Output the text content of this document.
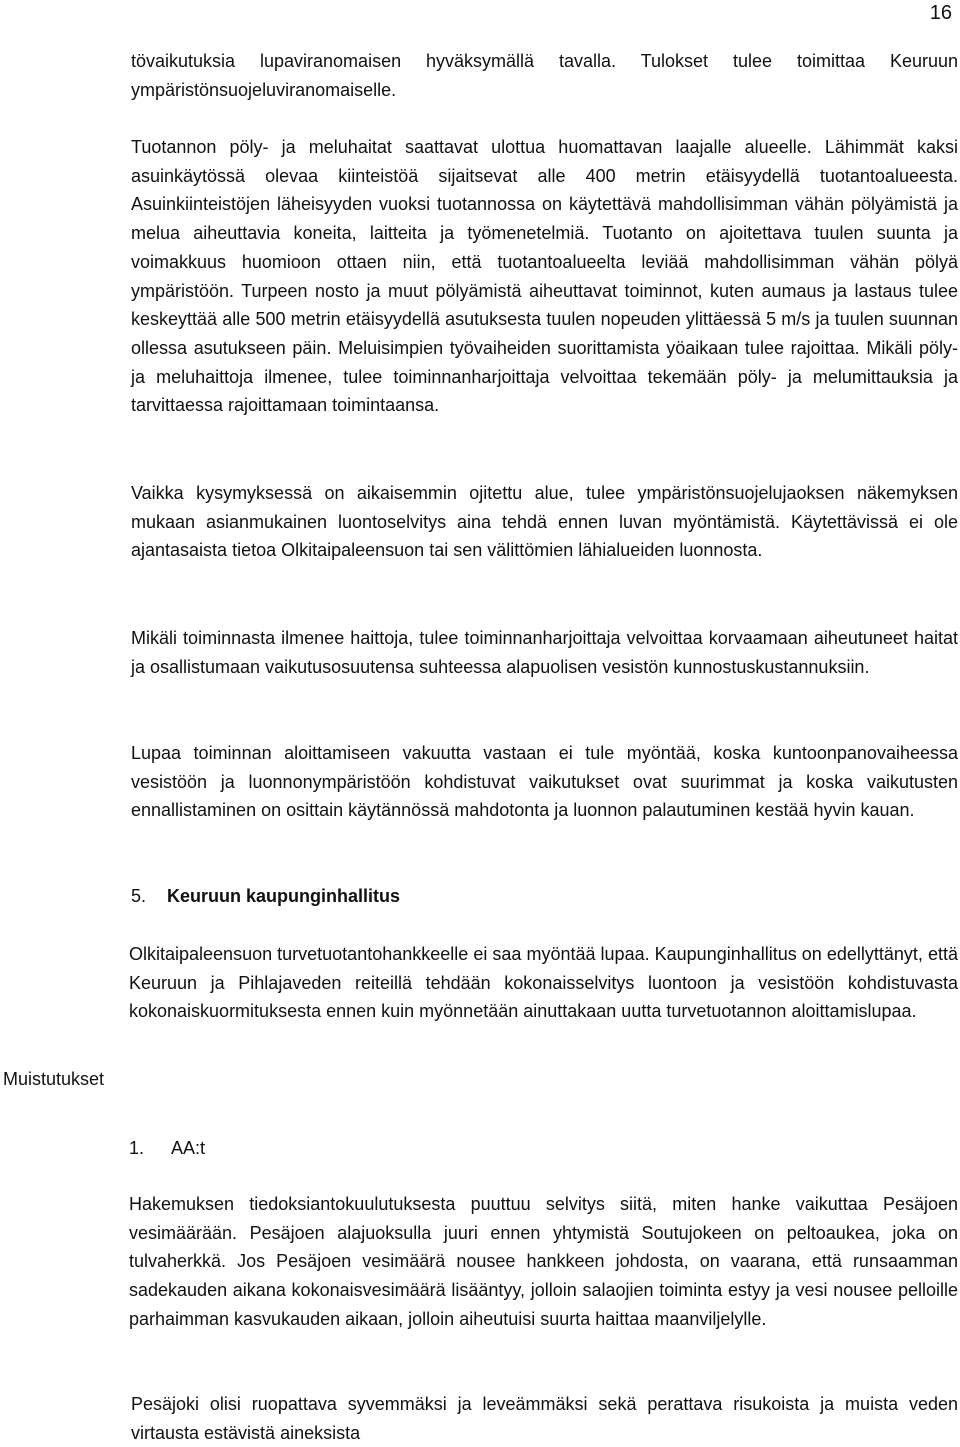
16

tövaikutuksia lupaviranomaisen hyväksymällä tavalla. Tulokset tulee toimittaa Keuruun ympäristönsuojeluviranomaiselle.

Tuotannon pöly- ja meluhaitat saattavat ulottua huomattavan laajalle alueelle. Lähimmät kaksi asuinkäytössä olevaa kiinteistöä sijaitsevat alle 400 metrin etäisyydellä tuotantoalueesta. Asuinkiinteistöjen läheisyyden vuoksi tuotannossa on käytettävä mahdollisimman vähän pölyämistä ja melua aiheuttavia koneita, laitteita ja työmenetelmiä. Tuotanto on ajoitettava tuulen suunta ja voimakkuus huomioon ottaen niin, että tuotantoalueelta leviää mahdollisimman vähän pölyä ympäristöön. Turpeen nosto ja muut pölyämistä aiheuttavat toiminnot, kuten aumaus ja lastaus tulee keskeyttää alle 500 metrin etäisyydellä asutuksesta tuulen nopeuden ylittäessä 5 m/s ja tuulen suunnan ollessa asutukseen päin. Meluisimpien työvaiheiden suorittamista yöaikaan tulee rajoittaa. Mikäli pöly- ja meluhaittoja ilmenee, tulee toiminnanharjoittaja velvoittaa tekemään pöly- ja melumittauksia ja tarvittaessa rajoittamaan toimintaansa.

Vaikka kysymyksessä on aikaisemmin ojitettu alue, tulee ympäristönsuojelujaoksen näkemyksen mukaan asianmukainen luontoselvitys aina tehdä ennen luvan myöntämistä. Käytettävissä ei ole ajantasaista tietoa Olkitaipaleensuon tai sen välittömien lähialueiden luonnosta.

Mikäli toiminnasta ilmenee haittoja, tulee toiminnanharjoittaja velvoittaa korvaamaan aiheutuneet haitat ja osallistumaan vaikutusosuutensa suhteessa alapuolisen vesistön kunnostuskustannuksiin.

Lupaa toiminnan aloittamiseen vakuutta vastaan ei tule myöntää, koska kuntoonpanovaiheessa vesistöön ja luonnonympäristöön kohdistuvat vaikutukset ovat suurimmat ja koska vaikutusten ennallistaminen on osittain käytännössä mahdotonta ja luonnon palautuminen kestää hyvin kauan.

5. Keuruun kaupunginhallitus

Olkitaipaleensuon turvetuotantohankkeelle ei saa myöntää lupaa. Kaupunginhallitus on edellyttänyt, että Keuruun ja Pihlajaveden reiteillä tehdään kokonaisselvitys luontoon ja vesistöön kohdistuvasta kokonaiskuormituksesta ennen kuin myönnetään ainuttakaan uutta turvetuotannon aloittamislupaa.

Muistutukset
1. AA:t

Hakemuksen tiedoksiantokuulutuksesta puuttuu selvitys siitä, miten hanke vaikuttaa Pesäjoen vesimäärään. Pesäjoen alajuoksulla juuri ennen yhtymistä Soutujokeen on peltoaukea, joka on tulvaherkkä. Jos Pesäjoen vesimäärä nousee hankkeen johdosta, on vaarana, että runsaamman sadekauden aikana kokonaisvesimäärä lisääntyy, jolloin salaojien toiminta estyy ja vesi nousee pelloille parhaimman kasvukauden aikaan, jolloin aiheutuisi suurta haittaa maanviljelylle.

Pesäjoki olisi ruopattava syvemmäksi ja leveämmäksi sekä perattava risukoista ja muista veden virtausta estävistä aineksista
